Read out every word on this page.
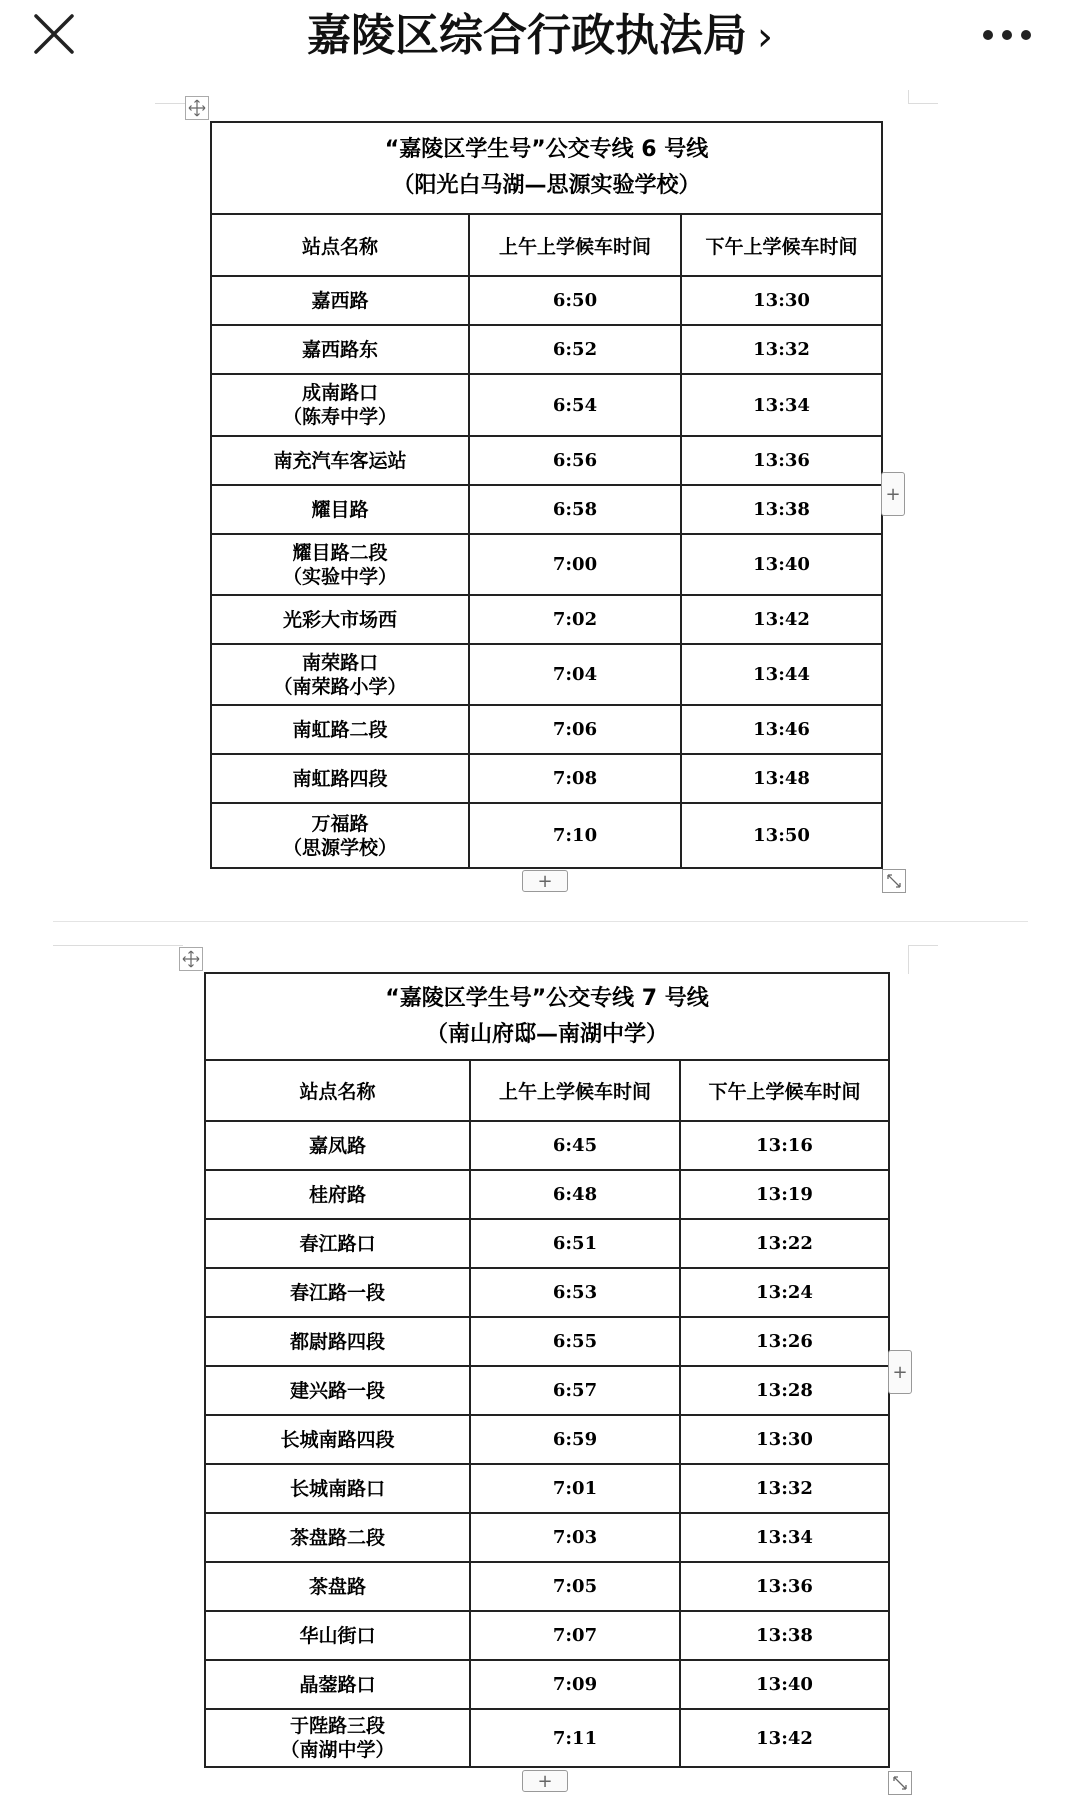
嘉陵区综合行政执法局 ›
“嘉陵区学生号”公交专线 6 号线
（阳光白马湖—思源实验学校）		

站点名称	上午上学候车时间	下午上学候车时间
嘉西路	6:50	13:30
嘉西路东	6:52	13:32

成南路口
（陈寿中学）	6:54	13:34
南充汽车客运站	6:56	13:36
耀目路	6:58	13:38

耀目路二段
（实验中学）	7:00	13:40
光彩大市场西	7:02	13:42

南荣路口
（南荣路小学）	7:04	13:44
南虹路二段	7:06	13:46
南虹路四段	7:08	13:48

万福路
（思源学校）	7:10	13:50
+
+
“嘉陵区学生号”公交专线 7 号线
（南山府邸—南湖中学）		

站点名称	上午上学候车时间	下午上学候车时间
嘉凤路	6:45	13:16
桂府路	6:48	13:19
春江路口	6:51	13:22
春江路一段	6:53	13:24
都尉路四段	6:55	13:26
建兴路一段	6:57	13:28
长城南路四段	6:59	13:30
长城南路口	7:01	13:32
茶盘路二段	7:03	13:34
茶盘路	7:05	13:36
华山街口	7:07	13:38
晶蓥路口	7:09	13:40

于陛路三段
（南湖中学）	7:11	13:42
+
+
